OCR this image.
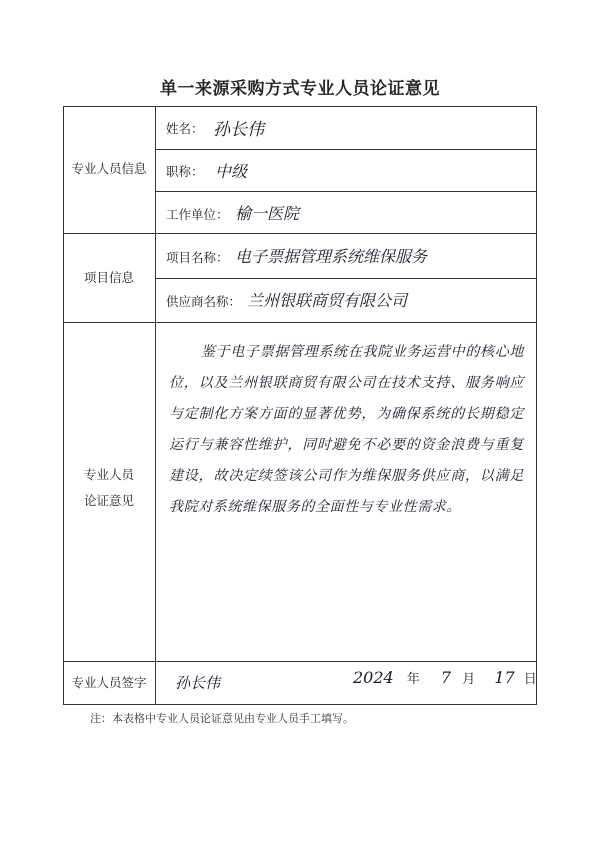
单一来源采购方式专业人员论证意见
专业人员信息
姓名： 孙长伟
职称： 中级
工作单位： 榆一医院
项目信息
项目名称： 电子票据管理系统维保服务
供应商名称： 兰州银联商贸有限公司
专业人员
论证意见
鉴于电子票据管理系统在我院业务运营中的核心地位，以及兰州银联商贸有限公司在技术支持、服务响应与定制化方案方面的显著优势，为确保系统的长期稳定运行与兼容性维护，同时避免不必要的资金浪费与重复建设，故决定续签该公司作为维保服务供应商，以满足我院对系统维保服务的全面性与专业性需求。
专业人员签字	孙长伟	2024 年 7 月 17 日
注：本表格中专业人员论证意见由专业人员手工填写。
